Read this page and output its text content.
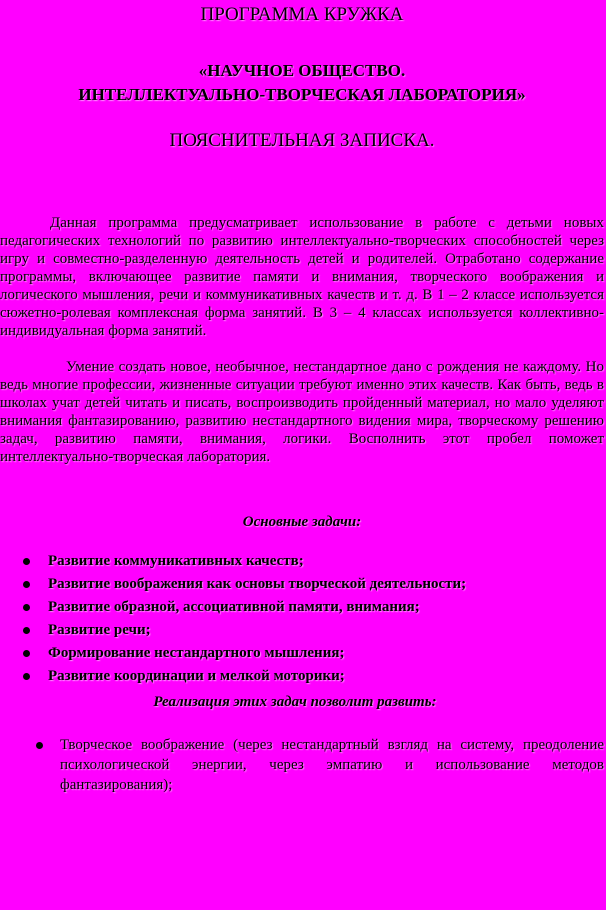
ПРОГРАММА КРУЖКА
«НАУЧНОЕ ОБЩЕСТВО.
ИНТЕЛЛЕКТУАЛЬНО-ТВОРЧЕСКАЯ ЛАБОРАТОРИЯ»
ПОЯСНИТЕЛЬНАЯ ЗАПИСКА.

Данная программа предусматривает использование в работе с детьми новых педагогических технологий по развитию интеллектуально-творческих способностей через игру и совместно-разделенную деятельность детей и родителей. Отработано содержание программы, включающее развитие памяти и внимания, творческого воображения и логического мышления, речи и коммуникативных качеств и т. д. В 1 – 2 классе используется сюжетно-ролевая комплексная форма занятий. В 3 – 4 классах используется коллективно-индивидуальная форма занятий.

Умение создать новое, необычное, нестандартное дано с рождения не каждому. Но ведь многие профессии, жизненные ситуации требуют именно этих качеств. Как быть, ведь в школах учат детей читать и писать, воспроизводить пройденный материал, но мало уделяют внимания фантазированию, развитию нестандартного видения мира, творческому решению задач, развитию памяти, внимания, логики. Восполнить этот пробел поможет интеллектуально-творческая лаборатория.

Основные задачи:
Развитие коммуникативных качеств;
Развитие воображения как основы творческой деятельности;
Развитие образной, ассоциативной памяти, внимания;
Развитие речи;
Формирование нестандартного мышления;
Развитие координации и мелкой моторики;
Реализация этих задач позволит развить:
Творческое воображение (через нестандартный взгляд на систему, преодоление психологической энергии, через эмпатию и использование методов фантазирования);
